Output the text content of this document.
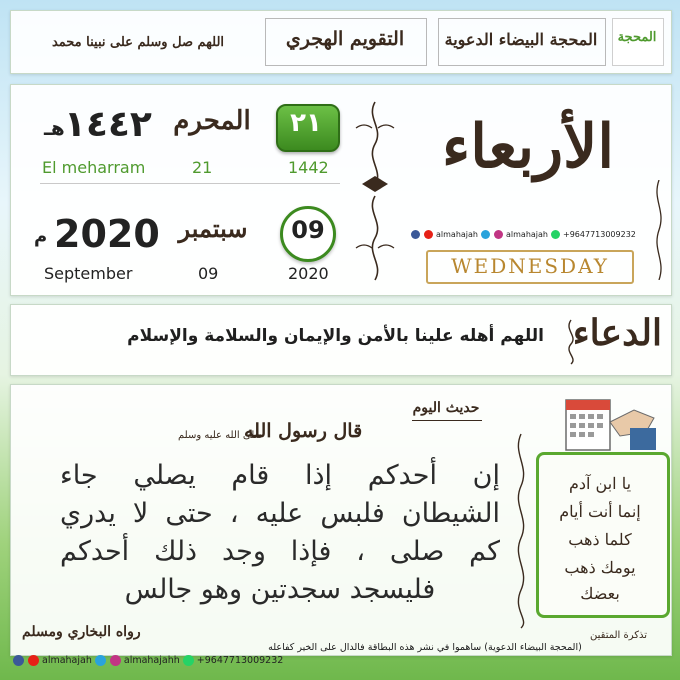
المحجة
المحجة البيضاء الدعوية
التقويم الهجري
اللهم صل وسلم على نبينا محمد
٢١
المحرم
هـ ١٤٤٢
El meharram	21	1442
09
سبتمبر
م 2020
September	09	2020
الأربعاء
almahajah	almahajah +9647713009232
WEDNESDAY
الدعاء
اللهم أهله علينا بالأمن والإيمان والسلامة والإسلام
حديث اليوم
قال رسول الله
صلى الله عليه وسلم
إن أحدكم إذا قام يصلي جاء
الشيطان فلبس عليه ، حتى لا يدري
كم صلى ، فإذا وجد ذلك أحدكم
فليسجد سجدتين وهو جالس
رواه البخاري ومسلم
يا ابن آدم
إنما أنت أيام
كلما ذهب
يومك ذهب
بعضك
تذكرة المتقين
(المحجة البيضاء الدعوية) ساهموا في نشر هذه البطاقة فالدال على الخير كفاعله
almahajah	almahajahh +9647713009232
